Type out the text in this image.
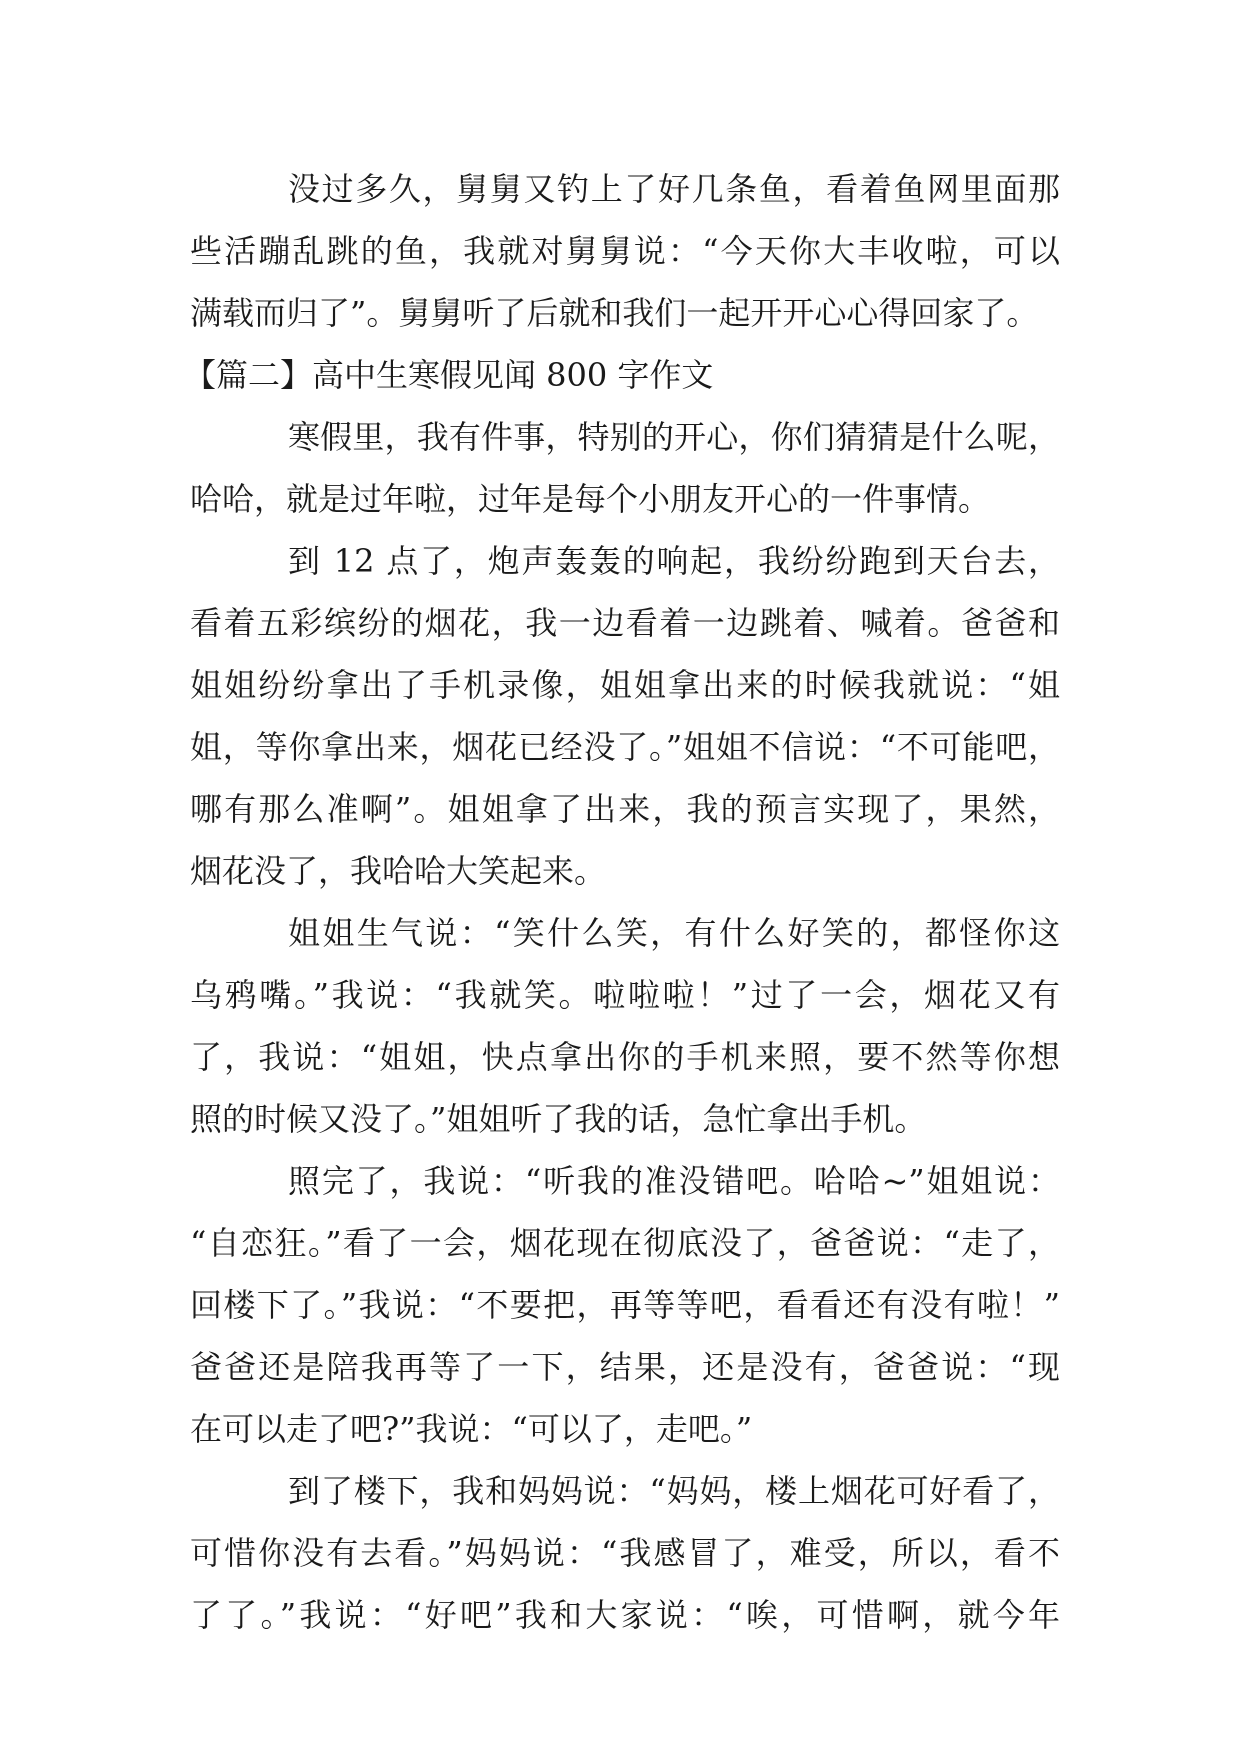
没过多久，舅舅又钓上了好几条鱼，看着鱼网里面那
些活蹦乱跳的鱼，我就对舅舅说：“今天你大丰收啦，可以
满载而归了”。舅舅听了后就和我们一起开开心心得回家了。
【篇二】高中生寒假见闻 800 字作文
寒假里，我有件事，特别的开心，你们猜猜是什么呢，
哈哈，就是过年啦，过年是每个小朋友开心的一件事情。
到 12 点了，炮声轰轰的响起，我纷纷跑到天台去，
看着五彩缤纷的烟花，我一边看着一边跳着、喊着。爸爸和
姐姐纷纷拿出了手机录像，姐姐拿出来的时候我就说：“姐
姐，等你拿出来，烟花已经没了。”姐姐不信说：“不可能吧，
哪有那么准啊”。姐姐拿了出来，我的预言实现了，果然，
烟花没了，我哈哈大笑起来。
姐姐生气说：“笑什么笑，有什么好笑的，都怪你这
乌鸦嘴。”我说：“我就笑。啦啦啦！”过了一会，烟花又有
了，我说：“姐姐，快点拿出你的手机来照，要不然等你想
照的时候又没了。”姐姐听了我的话，急忙拿出手机。
照完了，我说：“听我的准没错吧。哈哈~”姐姐说：
“自恋狂。”看了一会，烟花现在彻底没了，爸爸说：“走了，
回楼下了。”我说：“不要把，再等等吧，看看还有没有啦！”
爸爸还是陪我再等了一下，结果，还是没有，爸爸说：“现
在可以走了吧?”我说：“可以了，走吧。”
到了楼下，我和妈妈说：“妈妈，楼上烟花可好看了，
可惜你没有去看。”妈妈说：“我感冒了，难受，所以，看不
了了。”我说：“好吧”我和大家说：“唉，可惜啊，就今年
